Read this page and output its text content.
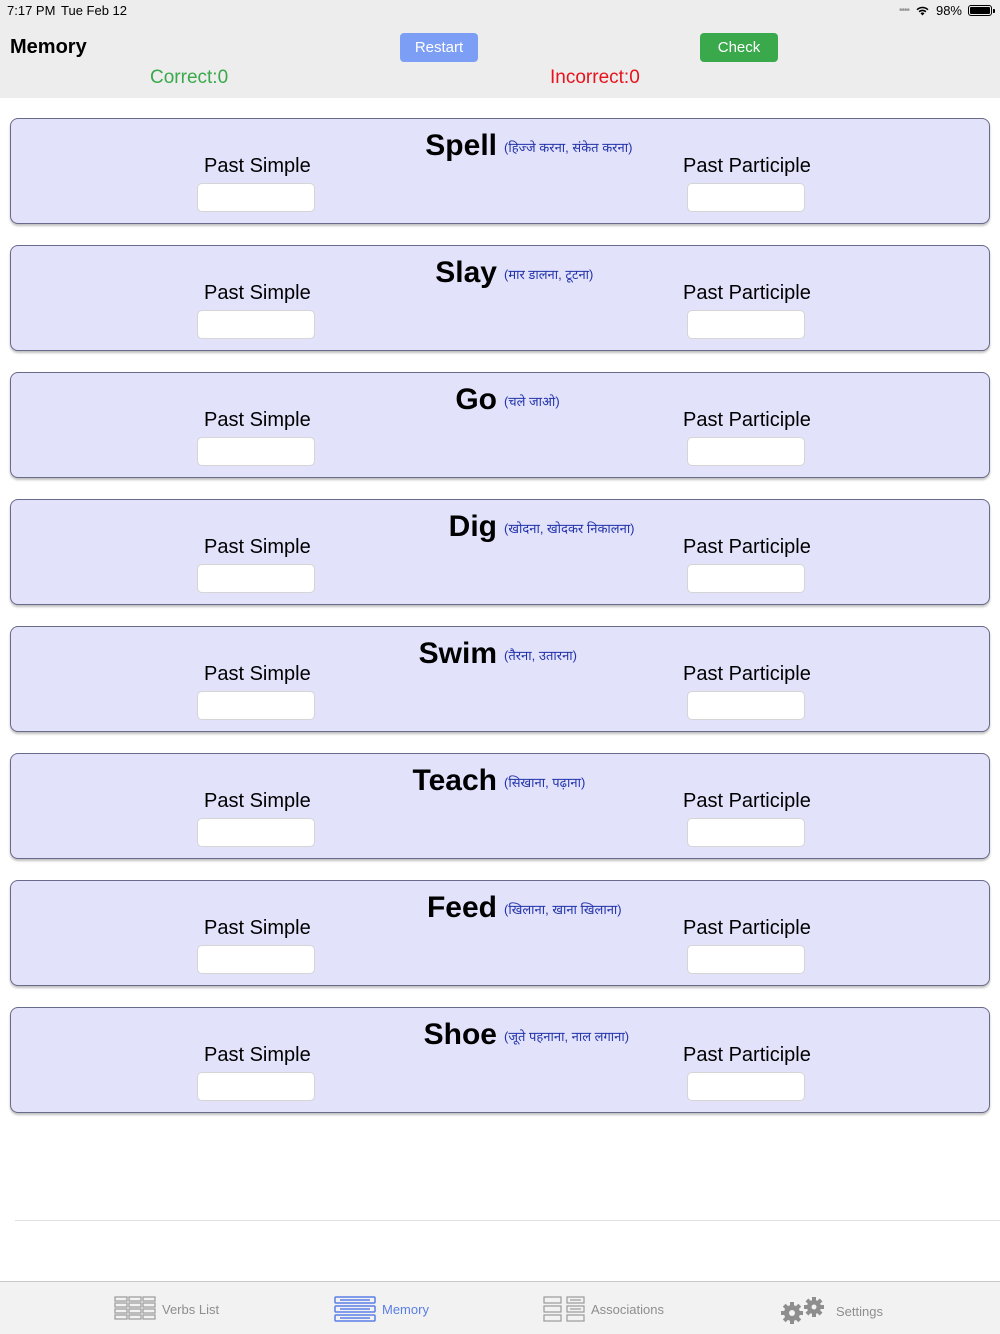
7:17 PM Tue Feb 12	•••• 98%
Memory	Restart	Check
Correct:0	Incorrect:0
Spell (हिज्जे करना, संकेत करना)
Past Simple	Past Participle
Slay (मार डालना, टूटना)
Past Simple	Past Participle
Go (चले जाओ)
Past Simple	Past Participle
Dig (खोदना, खोदकर निकालना)
Past Simple	Past Participle
Swim (तैरना, उतारना)
Past Simple	Past Participle
Teach (सिखाना, पढ़ाना)
Past Simple	Past Participle
Feed (खिलाना, खाना खिलाना)
Past Simple	Past Participle
Shoe (जूते पहनाना, नाल लगाना)
Past Simple	Past Participle
Verbs List	Memory	Associations	Settings
